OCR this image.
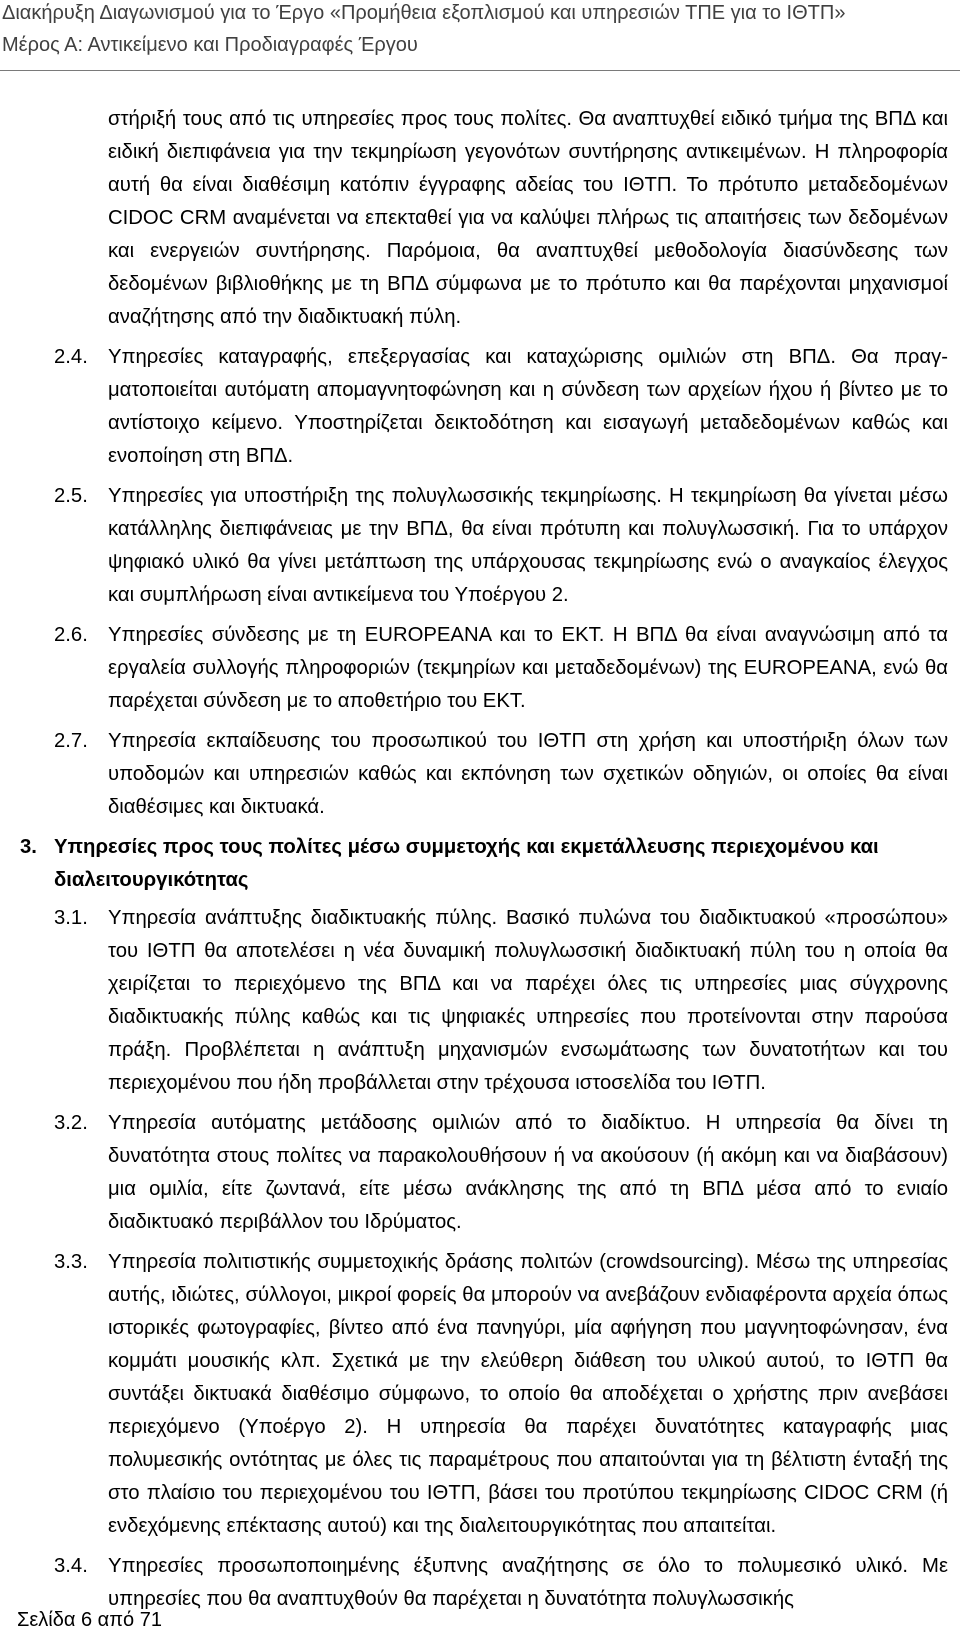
Διακήρυξη Διαγωνισμού για το Έργο «Προμήθεια εξοπλισμού και υπηρεσιών ΤΠΕ για το ΙΘΤΠ»
Μέρος Α: Αντικείμενο και Προδιαγραφές Έργου

στήριξή τους από τις υπηρεσίες προς τους πολίτες. Θα αναπτυχθεί ειδικό τμήμα της ΒΠΔ και ειδική διεπιφάνεια για την τεκμηρίωση γεγονότων συντήρησης αντικειμένων. Η πληροφορία αυτή θα είναι διαθέσιμη κατόπιν έγγραφης αδείας του ΙΘΤΠ. Το πρότυπο μεταδεδομένων CIDOC CRM αναμένεται να επεκταθεί για να καλύψει πλήρως τις απαιτήσεις των δεδομένων και ενεργειών συντήρησης. Παρόμοια, θα αναπτυχθεί μεθοδολογία διασύνδεσης των δεδομένων βιβλιοθήκης με τη ΒΠΔ σύμφωνα με το πρότυπο και θα παρέχονται μηχανισμοί αναζήτησης από την διαδικτυακή πύλη.

2.4. Υπηρεσίες καταγραφής, επεξεργασίας και καταχώρισης ομιλιών στη ΒΠΔ. Θα πραγματοποιείται αυτόματη απομαγνητοφώνηση και η σύνδεση των αρχείων ήχου ή βίντεο με το αντίστοιχο κείμενο. Υποστηρίζεται δεικτοδότηση και εισαγωγή μεταδεδομένων καθώς και ενοποίηση στη ΒΠΔ.

2.5. Υπηρεσίες για υποστήριξη της πολυγλωσσικής τεκμηρίωσης. Η τεκμηρίωση θα γίνεται μέσω κατάλληλης διεπιφάνειας με την ΒΠΔ, θα είναι πρότυπη και πολυγλωσσική. Για το υπάρχον ψηφιακό υλικό θα γίνει μετάπτωση της υπάρχουσας τεκμηρίωσης ενώ ο αναγκαίος έλεγχος και συμπλήρωση είναι αντικείμενα του Υποέργου 2.

2.6. Υπηρεσίες σύνδεσης με τη EUROPEANA και το ΕΚΤ. Η ΒΠΔ θα είναι αναγνώσιμη από τα εργαλεία συλλογής πληροφοριών (τεκμηρίων και μεταδεδομένων) της EUROPEANA, ενώ θα παρέχεται σύνδεση με το αποθετήριο του ΕΚΤ.

2.7. Υπηρεσία εκπαίδευσης του προσωπικού του ΙΘΤΠ στη χρήση και υποστήριξη όλων των υποδομών και υπηρεσιών καθώς και εκπόνηση των σχετικών οδηγιών, οι οποίες θα είναι διαθέσιμες και δικτυακά.

3. Υπηρεσίες προς τους πολίτες μέσω συμμετοχής και εκμετάλλευσης περιεχομένου και διαλειτουργικότητας

3.1. Υπηρεσία ανάπτυξης διαδικτυακής πύλης. Βασικό πυλώνα του διαδικτυακού «προσώπου» του ΙΘΤΠ θα αποτελέσει η νέα δυναμική πολυγλωσσική διαδικτυακή πύλη του η οποία θα χειρίζεται το περιεχόμενο της ΒΠΔ και να παρέχει όλες τις υπηρεσίες μιας σύγχρονης διαδικτυακής πύλης καθώς και τις ψηφιακές υπηρεσίες που προτείνονται στην παρούσα πράξη. Προβλέπεται η ανάπτυξη μηχανισμών ενσωμάτωσης των δυνατοτήτων και του περιεχομένου που ήδη προβάλλεται στην τρέχουσα ιστοσελίδα του ΙΘΤΠ.

3.2. Υπηρεσία αυτόματης μετάδοσης ομιλιών από το διαδίκτυο. Η υπηρεσία θα δίνει τη δυνατότητα στους πολίτες να παρακολουθήσουν ή να ακούσουν (ή ακόμη και να διαβάσουν) μια ομιλία, είτε ζωντανά, είτε μέσω ανάκλησης της από τη ΒΠΔ μέσα από το ενιαίο διαδικτυακό περιβάλλον του Ιδρύματος.

3.3. Υπηρεσία πολιτιστικής συμμετοχικής δράσης πολιτών (crowdsourcing). Μέσω της υπηρεσίας αυτής, ιδιώτες, σύλλογοι, μικροί φορείς θα μπορούν να ανεβάζουν ενδιαφέροντα αρχεία όπως ιστορικές φωτογραφίες, βίντεο από ένα πανηγύρι, μία αφήγηση που μαγνητοφώνησαν, ένα κομμάτι μουσικής κλπ. Σχετικά με την ελεύθερη διάθεση του υλικού αυτού, το ΙΘΤΠ θα συντάξει δικτυακά διαθέσιμο σύμφωνο, το οποίο θα αποδέχεται ο χρήστης πριν ανεβάσει περιεχόμενο (Υποέργο 2). Η υπηρεσία θα παρέχει δυνατότητες καταγραφής μιας πολυμεσικής οντότητας με όλες τις παραμέτρους που απαιτούνται για τη βέλτιστη ένταξή της στο πλαίσιο του περιεχομένου του ΙΘΤΠ, βάσει του προτύπου τεκμηρίωσης CIDOC CRM (ή ενδεχόμενης επέκτασης αυτού) και της διαλειτουργικότητας που απαιτείται.

3.4. Υπηρεσίες προσωποποιημένης έξυπνης αναζήτησης σε όλο το πολυμεσικό υλικό. Με υπηρεσίες που θα αναπτυχθούν θα παρέχεται η δυνατότητα πολυγλωσσικής

Σελίδα 6 από 71
